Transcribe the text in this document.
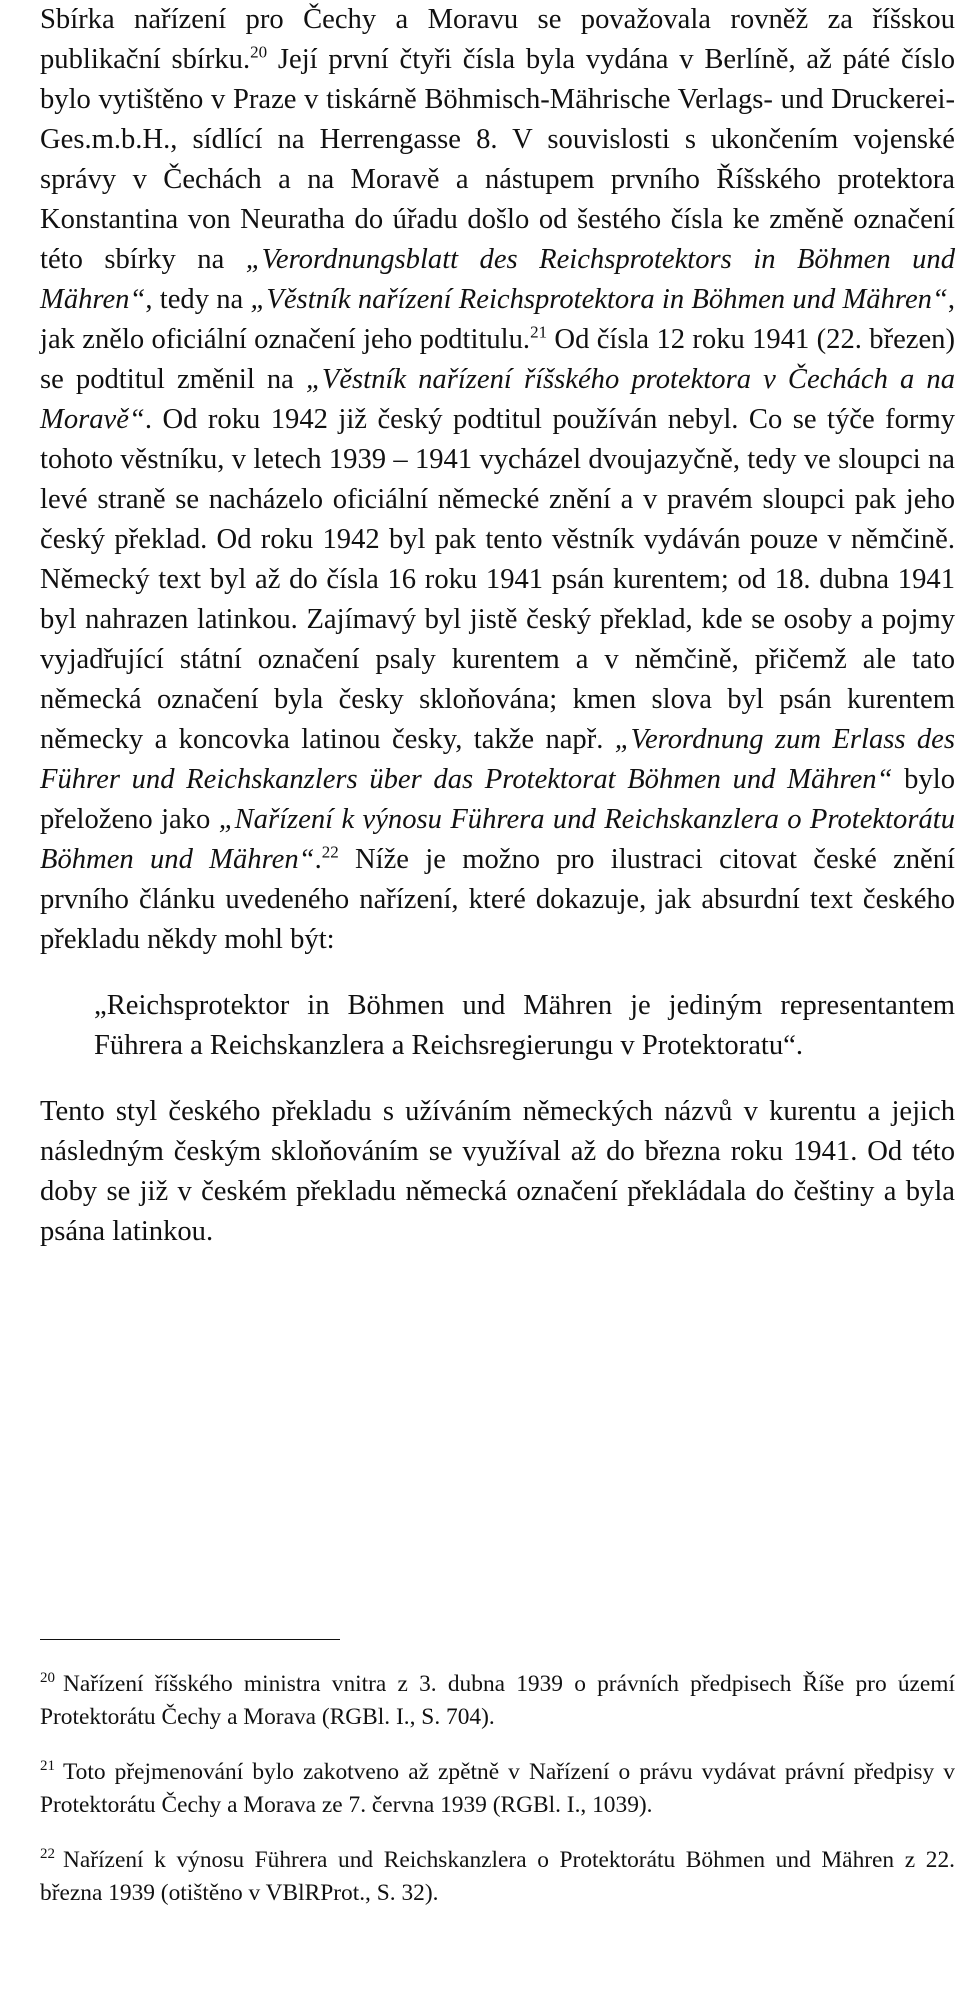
Sbírka nařízení pro Čechy a Moravu se považovala rovněž za říšskou publikační sbírku.$^{20}$ Její první čtyři čísla byla vydána v Berlíně, až páté číslo bylo vytištěno v Praze v tiskárně Böhmisch-Mährische Verlags- und Druckerei-Ges.m.b.H., sídlící na Herrengasse 8. V souvislosti s ukončením vojenské správy v Čechách a na Moravě a nástupem prvního Říšského protektora Konstantina von Neuratha do úřadu došlo od šestého čísla ke změně označení této sbírky na „Verordnungsblatt des Reichsprotektors in Böhmen und Mähren“, tedy na „Věstník nařízení Reichsprotektora in Böhmen und Mähren“, jak znělo oficiální označení jeho podtitulu.$^{21}$ Od čísla 12 roku 1941 (22. březen) se podtitul změnil na „Věstník nařízení říšského protektora v Čechách a na Moravě“. Od roku 1942 již český podtitul používán nebyl. Co se týče formy tohoto věstníku, v letech 1939 – 1941 vycházel dvoujazyčně, tedy ve sloupci na levé straně se nacházelo oficiální německé znění a v pravém sloupci pak jeho český překlad. Od roku 1942 byl pak tento věstník vydáván pouze v němčině. Německý text byl až do čísla 16 roku 1941 psán kurentem; od 18. dubna 1941 byl nahrazen latinkou. Zajímavý byl jistě český překlad, kde se osoby a pojmy vyjadřující státní označení psaly kurentem a v němčině, přičemž ale tato německá označení byla česky skloňována; kmen slova byl psán kurentem německy a koncovka latinou česky, takže např. „Verordnung zum Erlass des Führer und Reichskanzlers über das Protektorat Böhmen und Mähren“ bylo přeloženo jako „Nařízení k výnosu Führera und Reichskanzlera o Protektorátu Böhmen und Mähren“.$^{22}$ Níže je možno pro ilustraci citovat české znění prvního článku uvedeného nařízení, které dokazuje, jak absurdní text českého překladu někdy mohl být:

„Reichsprotektor in Böhmen und Mähren je jediným representantem Führera a Reichskanzlera a Reichsregierungu v Protektoratu“.

Tento styl českého překladu s užíváním německých názvů v kurentu a jejich následným českým skloňováním se využíval až do března roku 1941. Od této doby se již v českém překladu německá označení překládala do češtiny a byla psána latinkou.

$^{20}$ Nařízení říšského ministra vnitra z 3. dubna 1939 o právních předpisech Říše pro území Protektorátu Čechy a Morava (RGBl. I., S. 704).

$^{21}$ Toto přejmenování bylo zakotveno až zpětně v Nařízení o právu vydávat právní předpisy v Protektorátu Čechy a Morava ze 7. června 1939 (RGBl. I., 1039).

$^{22}$ Nařízení k výnosu Führera und Reichskanzlera o Protektorátu Böhmen und Mähren z 22. března 1939 (otištěno v VBlRProt., S. 32).
